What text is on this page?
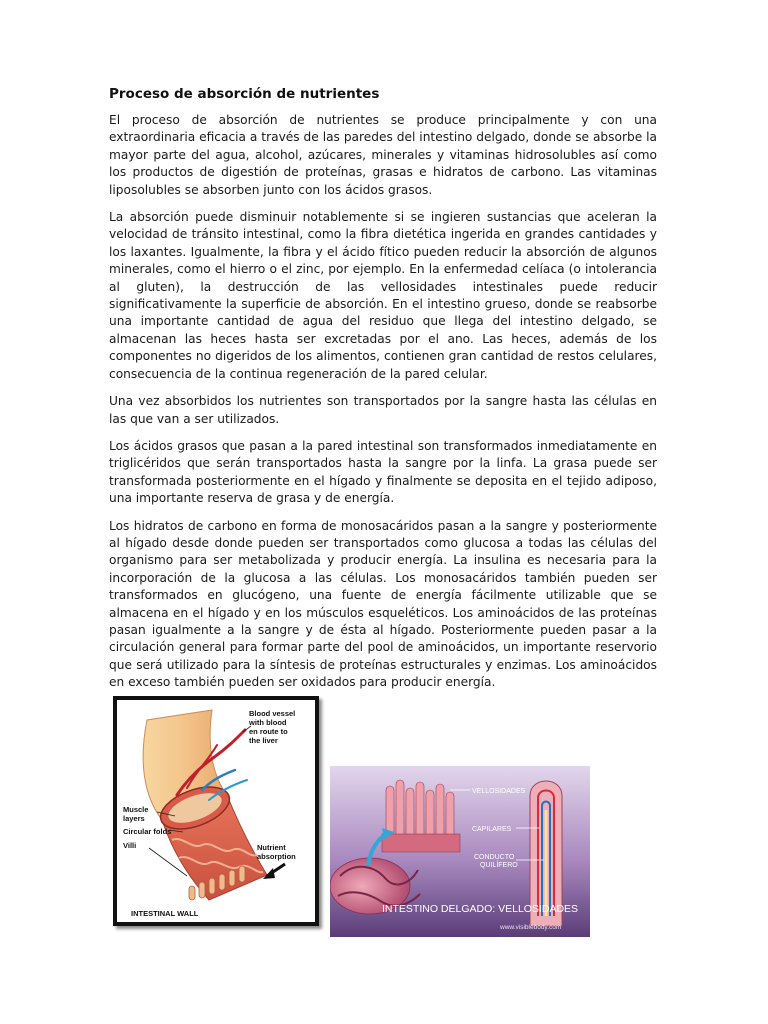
Proceso de absorción de nutrientes

El proceso de absorción de nutrientes se produce principalmente y con una extraordinaria eficacia a través de las paredes del intestino delgado, donde se absorbe la mayor parte del agua, alcohol, azúcares, minerales y vitaminas hidrosolubles así como los productos de digestión de proteínas, grasas e hidratos de carbono. Las vitaminas liposolubles se absorben junto con los ácidos grasos.

La absorción puede disminuir notablemente si se ingieren sustancias que aceleran la velocidad de tránsito intestinal, como la fibra dietética ingerida en grandes cantidades y los laxantes. Igualmente, la fibra y el ácido fítico pueden reducir la absorción de algunos minerales, como el hierro o el zinc, por ejemplo. En la enfermedad celíaca (o intolerancia al gluten), la destrucción de las vellosidades intestinales puede reducir significativamente la superficie de absorción. En el intestino grueso, donde se reabsorbe una importante cantidad de agua del residuo que llega del intestino delgado, se almacenan las heces hasta ser excretadas por el ano. Las heces, además de los componentes no digeridos de los alimentos, contienen gran cantidad de restos celulares, consecuencia de la continua regeneración de la pared celular.

Una vez absorbidos los nutrientes son transportados por la sangre hasta las células en las que van a ser utilizados.

Los ácidos grasos que pasan a la pared intestinal son transformados inmediatamente en triglicéridos que serán transportados hasta la sangre por la linfa. La grasa puede ser transformada posteriormente en el hígado y finalmente se deposita en el tejido adiposo, una importante reserva de grasa y de energía.

Los hidratos de carbono en forma de monosacáridos pasan a la sangre y posteriormente al hígado desde donde pueden ser transportados como glucosa a todas las células del organismo para ser metabolizada y producir energía. La insulina es necesaria para la incorporación de la glucosa a las células. Los monosacáridos también pueden ser transformados en glucógeno, una fuente de energía fácilmente utilizable que se almacena en el hígado y en los músculos esqueléticos. Los aminoácidos de las proteínas pasan igualmente a la sangre y de ésta al hígado. Posteriormente pueden pasar a la circulación general para formar parte del pool de aminoácidos, un importante reservorio que será utilizado para la síntesis de proteínas estructurales y enzimas. Los aminoácidos en exceso también pueden ser oxidados para producir energía.

Blood vessel
with blood
en route to
the liver
Muscle
layers
Circular folds
Villi	Nutrient
absorption
INTESTINAL WALL
VELLOSIDADES
CAPILARES
CONDUCTO
QUILÍFERO
INTESTINO DELGADO: VELLOSIDADES
www.visiblebody.com
